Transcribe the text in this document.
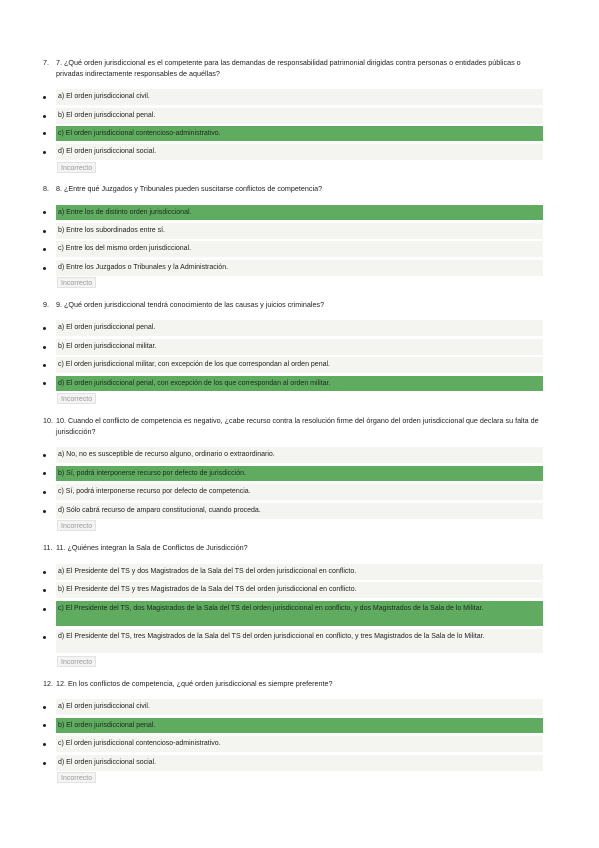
7. 7. ¿Qué orden jurisdiccional es el competente para las demandas de responsabilidad patrimonial dirigidas contra personas o entidades públicas o privadas indirectamente responsables de aquéllas?
a) El orden jurisdiccional civil.
b) El orden jurisdiccional penal.
c) El orden jurisdiccional contencioso-administrativo.
d) El orden jurisdiccional social.
Incorrecto
8. 8. ¿Entre qué Juzgados y Tribunales pueden suscitarse conflictos de competencia?
a) Entre los de distinto orden jurisdiccional.
b) Entre los subordinados entre sí.
c) Entre los del mismo orden jurisdiccional.
d) Entre los Juzgados o Tribunales y la Administración.
Incorrecto
9. 9. ¿Qué orden jurisdiccional tendrá conocimiento de las causas y juicios criminales?
a) El orden jurisdiccional penal.
b) El orden jurisdiccional militar.
c) El orden jurisdiccional militar, con excepción de los que correspondan al orden penal.
d) El orden jurisdiccional penal, con excepción de los que correspondan al orden militar.
Incorrecto
10. 10. Cuando el conflicto de competencia es negativo, ¿cabe recurso contra la resolución firme del órgano del orden jurisdiccional que declara su falta de jurisdicción?
a) No, no es susceptible de recurso alguno, ordinario o extraordinario.
b) Sí, podrá interponerse recurso por defecto de jurisdicción.
c) Sí, podrá interponerse recurso por defecto de competencia.
d) Sólo cabrá recurso de amparo constitucional, cuando proceda.
Incorrecto
11. 11. ¿Quiénes integran la Sala de Conflictos de Jurisdicción?
a) El Presidente del TS y dos Magistrados de la Sala del TS del orden jurisdiccional en conflicto.
b) El Presidente del TS y tres Magistrados de la Sala del TS del orden jurisdiccional en conflicto.
c) El Presidente del TS, dos Magistrados de la Sala del TS del orden jurisdiccional en conflicto, y dos Magistrados de la Sala de lo Militar.
d) El Presidente del TS, tres Magistrados de la Sala del TS del orden jurisdiccional en conflicto, y tres Magistrados de la Sala de lo Militar.
Incorrecto
12. 12. En los conflictos de competencia, ¿qué orden jurisdiccional es siempre preferente?
a) El orden jurisdiccional civil.
b) El orden jurisdiccional penal.
c) El orden jurisdiccional contencioso-administrativo.
d) El orden jurisdiccional social.
Incorrecto
